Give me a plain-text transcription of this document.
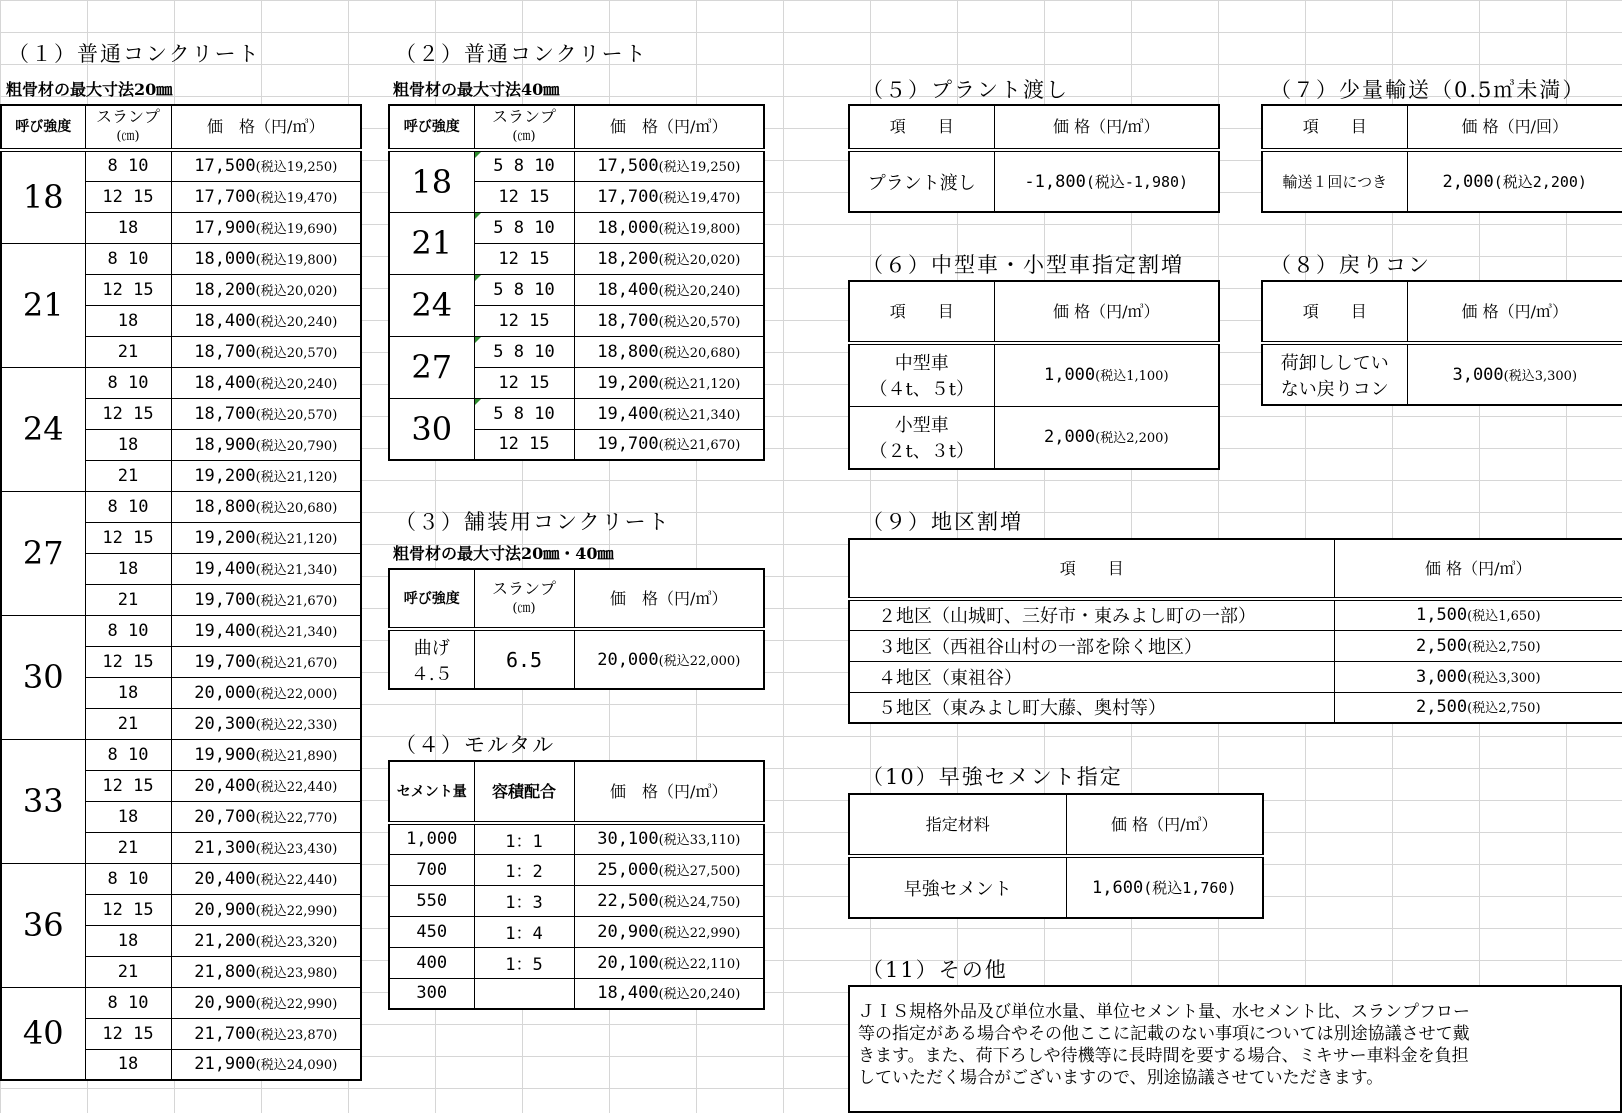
（１）普通コンクリート
粗骨材の最大寸法20㎜
呼び強度	スランプ
(㎝)	価　格（円/㎥）
18	8 10	17,500(税込19,250)
	12 15	17,700(税込19,470)
	18	17,900(税込19,690)
21	8 10	18,000(税込19,800)
	12 15	18,200(税込20,020)
	18	18,400(税込20,240)
	21	18,700(税込20,570)
24	8 10	18,400(税込20,240)
	12 15	18,700(税込20,570)
	18	18,900(税込20,790)
	21	19,200(税込21,120)
27	8 10	18,800(税込20,680)
	12 15	19,200(税込21,120)
	18	19,400(税込21,340)
	21	19,700(税込21,670)
30	8 10	19,400(税込21,340)
	12 15	19,700(税込21,670)
	18	20,000(税込22,000)
	21	20,300(税込22,330)
33	8 10	19,900(税込21,890)
	12 15	20,400(税込22,440)
	18	20,700(税込22,770)
	21	21,300(税込23,430)
36	8 10	20,400(税込22,440)
	12 15	20,900(税込22,990)
	18	21,200(税込23,320)
	21	21,800(税込23,980)
40	8 10	20,900(税込22,990)
	12 15	21,700(税込23,870)
	18	21,900(税込24,090)
（２）普通コンクリート
粗骨材の最大寸法40㎜
呼び強度	スランプ
(㎝)	価　格（円/㎥）
18	5 8 10	17,500(税込19,250)
	12 15	17,700(税込19,470)
21	5 8 10	18,000(税込19,800)
	12 15	18,200(税込20,020)
24	5 8 10	18,400(税込20,240)
	12 15	18,700(税込20,570)
27	5 8 10	18,800(税込20,680)
	12 15	19,200(税込21,120)
30	5 8 10	19,400(税込21,340)
	12 15	19,700(税込21,670)
（３）舗装用コンクリート
粗骨材の最大寸法20㎜・40㎜
呼び強度	スランプ
(㎝)	価　格（円/㎥）
曲げ
４.５	6.5	20,000(税込22,000)
（４）モルタル
セメント量	容積配合	価　格（円/㎥）
1,000	1：1	30,100(税込33,110)
700	1：2	25,000(税込27,500)
550	1：3	22,500(税込24,750)
450	1：4	20,900(税込22,990)
400	1：5	20,100(税込22,110)
300		18,400(税込20,240)
（５）プラント渡し
項　　目	価 格（円/㎥）
プラント渡し	-1,800(税込-1,980)
（６）中型車・小型車指定割増
項　　目	価 格（円/㎥）
中型車
（４t、５t）	1,000(税込1,100)
小型車
（２t、３t）	2,000(税込2,200)
（７）少量輸送（0.5㎥未満）
項　　目	価 格（円/回）
輸送１回につき	2,000(税込2,200)
（８）戻りコン
項　　目	価 格（円/㎥）
荷卸ししてい
ない戻りコン	3,000(税込3,300)
（９）地区割増
項　　目	価 格（円/㎥）
２地区（山城町、三好市・東みよし町の一部）	1,500(税込1,650)
３地区（西祖谷山村の一部を除く地区）	2,500(税込2,750)
４地区（東祖谷）	3,000(税込3,300)
５地区（東みよし町大藤、奥村等）	2,500(税込2,750)
（10）早強セメント指定
指定材料	価 格（円/㎥）
早強セメント	1,600(税込1,760)
（11）その他
ＪＩＳ規格外品及び単位水量、単位セメント量、水セメント比、スランプフロー
等の指定がある場合やその他ここに記載のない事項については別途協議させて戴
きます。また、荷下ろしや待機等に長時間を要する場合、ミキサー車料金を負担
していただく場合がございますので、別途協議させていただきます。
